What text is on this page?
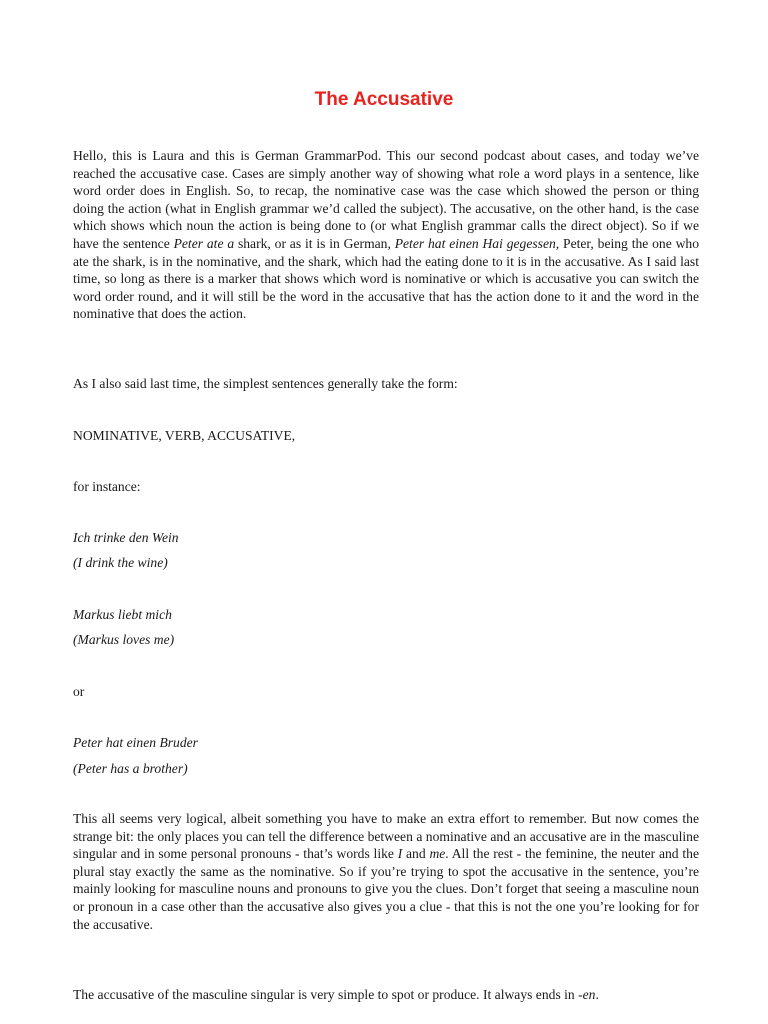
The Accusative

Hello, this is Laura and this is German GrammarPod. This our second podcast about cases, and today we’ve reached the accusative case. Cases are simply another way of showing what role a word plays in a sentence, like word order does in English. So, to recap, the nominative case was the case which showed the person or thing doing the action (what in English grammar we’d called the subject). The accusative, on the other hand, is the case which shows which noun the action is being done to (or what English grammar calls the direct object). So if we have the sentence Peter ate a shark, or as it is in German, Peter hat einen Hai gegessen, Peter, being the one who ate the shark, is in the nominative, and the shark, which had the eating done to it is in the accusative. As I said last time, so long as there is a marker that shows which word is nominative or which is accusative you can switch the word order round, and it will still be the word in the accusative that has the action done to it and the word in the nominative that does the action.

As I also said last time, the simplest sentences generally take the form:

NOMINATIVE, VERB, ACCUSATIVE,

for instance:

Ich trinke den Wein

(I drink the wine)

Markus liebt mich

(Markus loves me)

or

Peter hat einen Bruder

(Peter has a brother)

This all seems very logical, albeit something you have to make an extra effort to remember. But now comes the strange bit: the only places you can tell the difference between a nominative and an accusative are in the masculine singular and in some personal pronouns - that’s words like I and me. All the rest - the feminine, the neuter and the plural stay exactly the same as the nominative. So if you’re trying to spot the accusative in the sentence, you’re mainly looking for masculine nouns and pronouns to give you the clues. Don’t forget that seeing a masculine noun or pronoun in a case other than the accusative also gives you a clue - that this is not the one you’re looking for for the accusative.

The accusative of the masculine singular is very simple to spot or produce. It always ends in -en.
